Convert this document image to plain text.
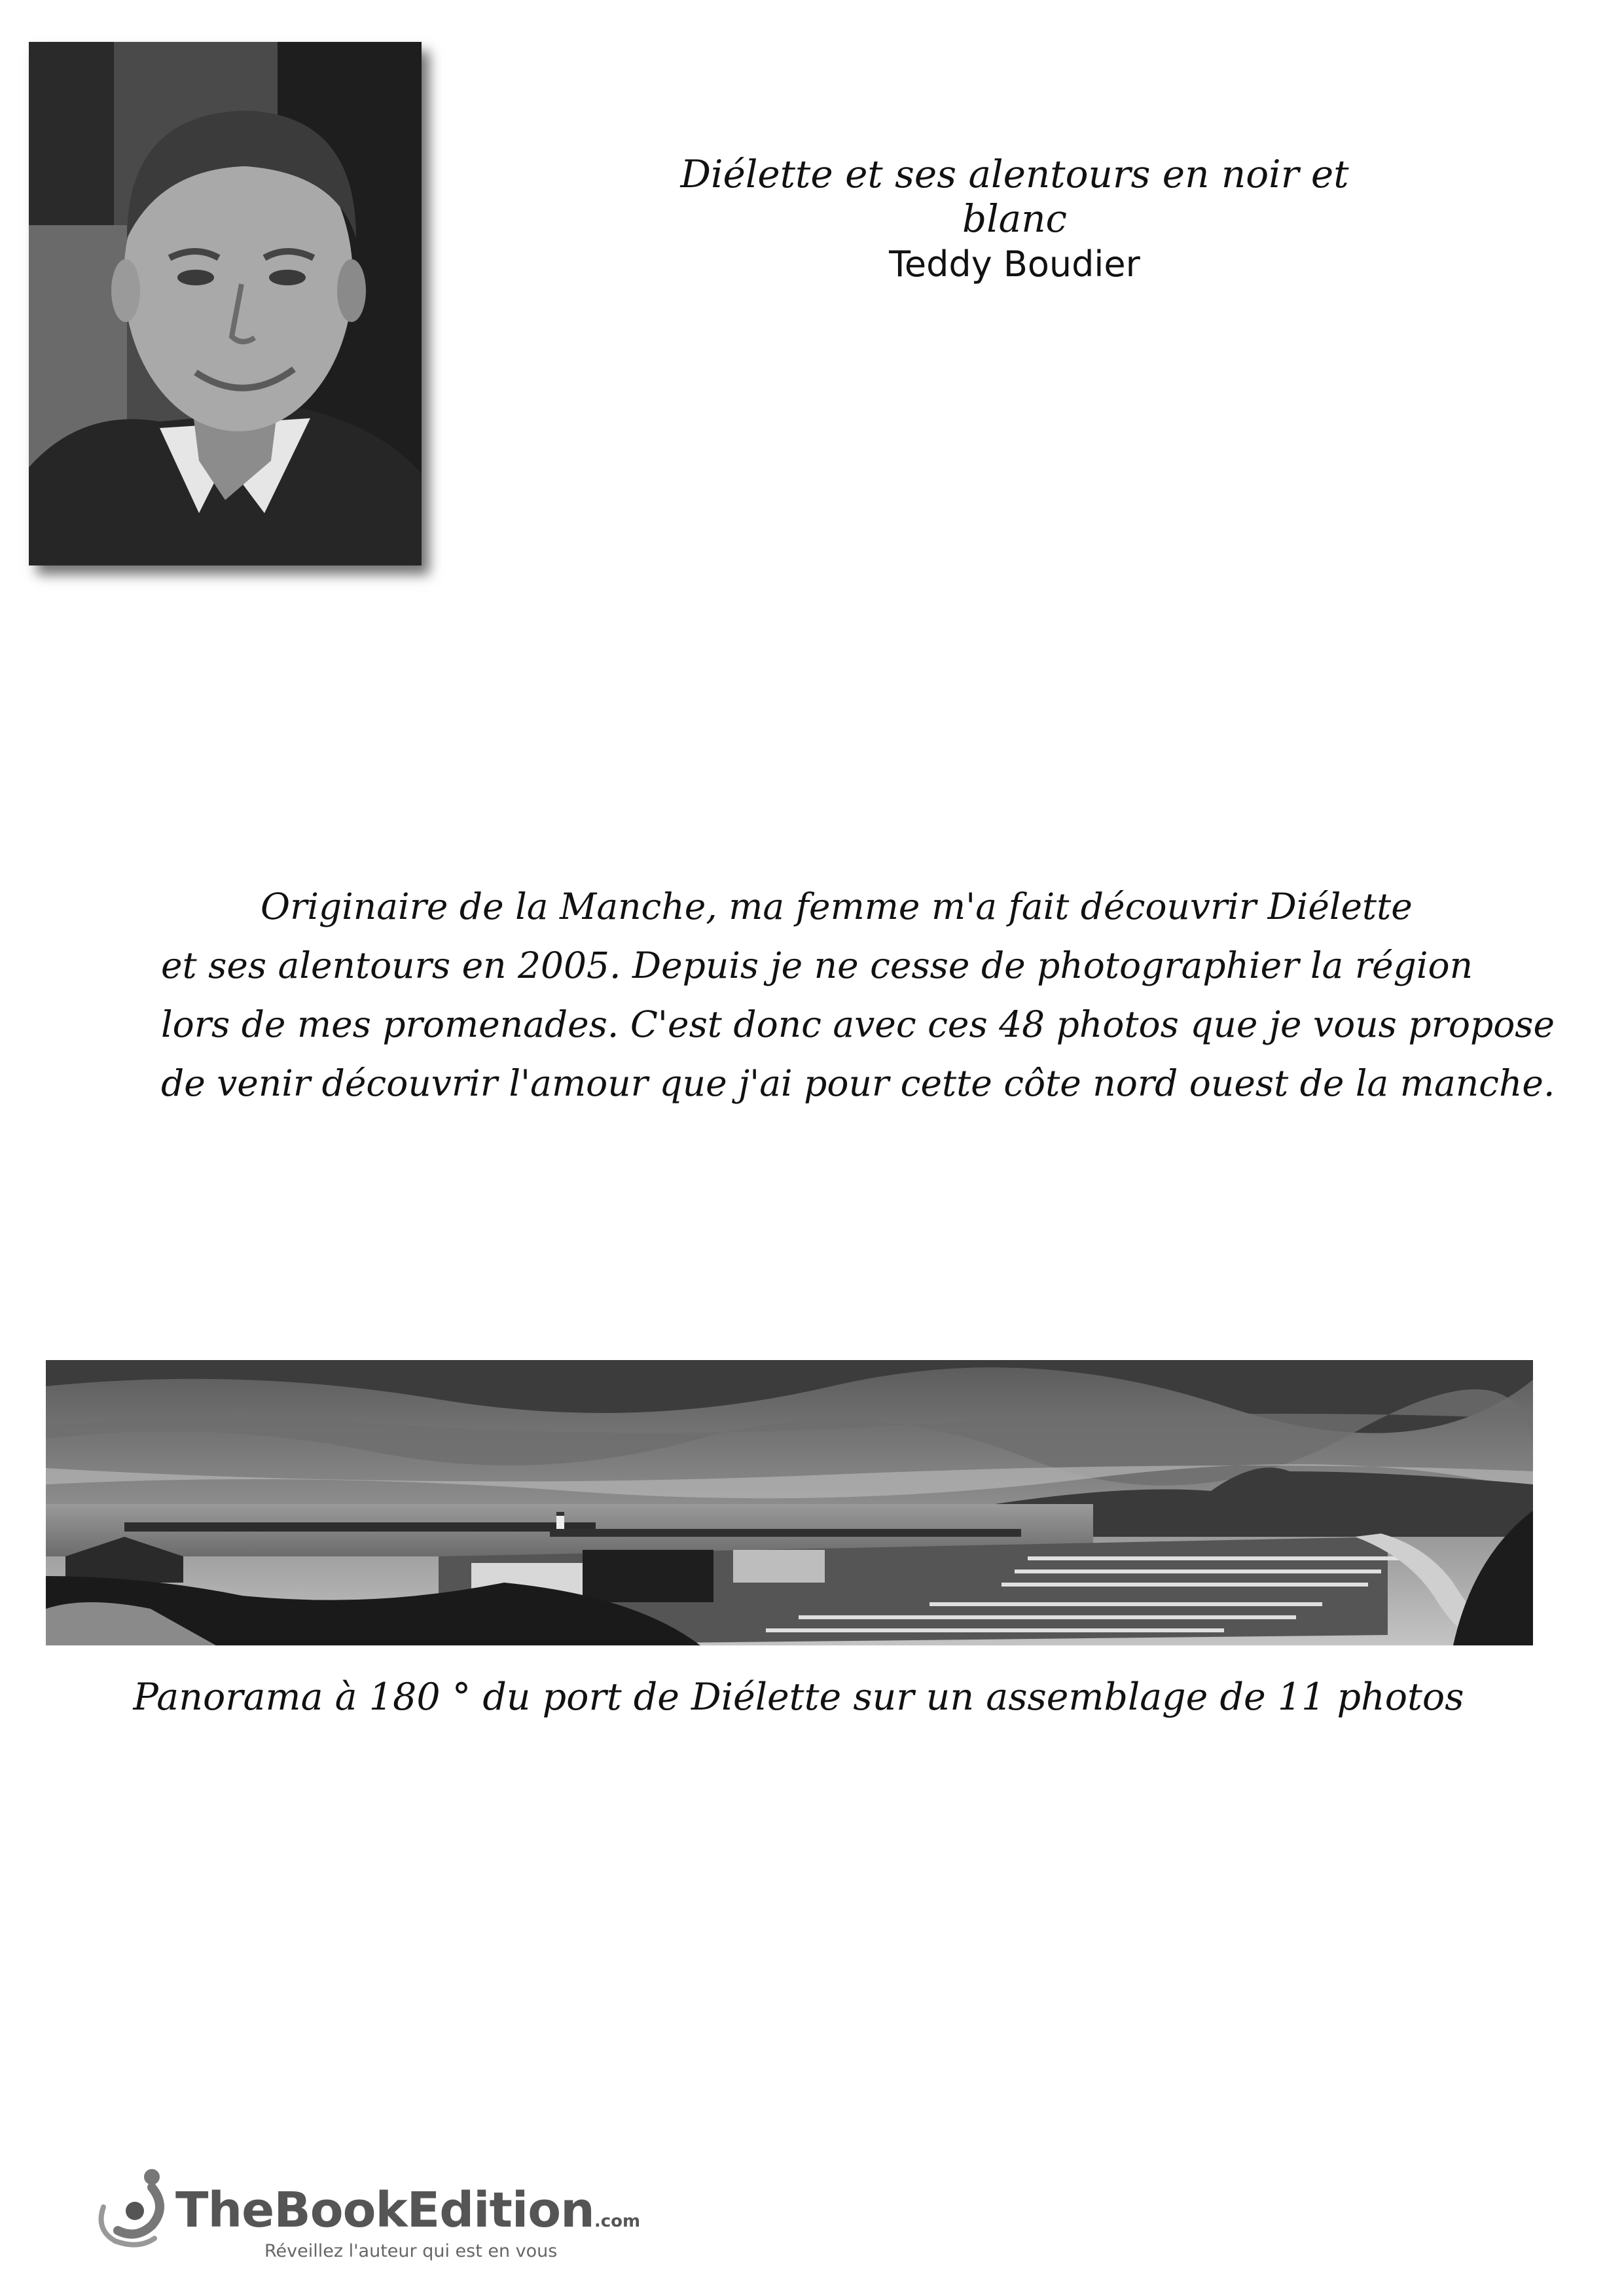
Diélette et ses alentours en noir et blanc
Teddy Boudier
Originaire de la Manche, ma femme m'a fait découvrir Diélette
et ses alentours en 2005. Depuis je ne cesse de photographier la région
lors de mes promenades. C'est donc avec ces 48 photos que je vous propose
de venir découvrir l'amour que j'ai pour cette côte nord ouest de la manche.
Panorama à 180 ° du port de Diélette sur un assemblage de 11 photos
TheBookEdition.com
Réveillez l'auteur qui est en vous
